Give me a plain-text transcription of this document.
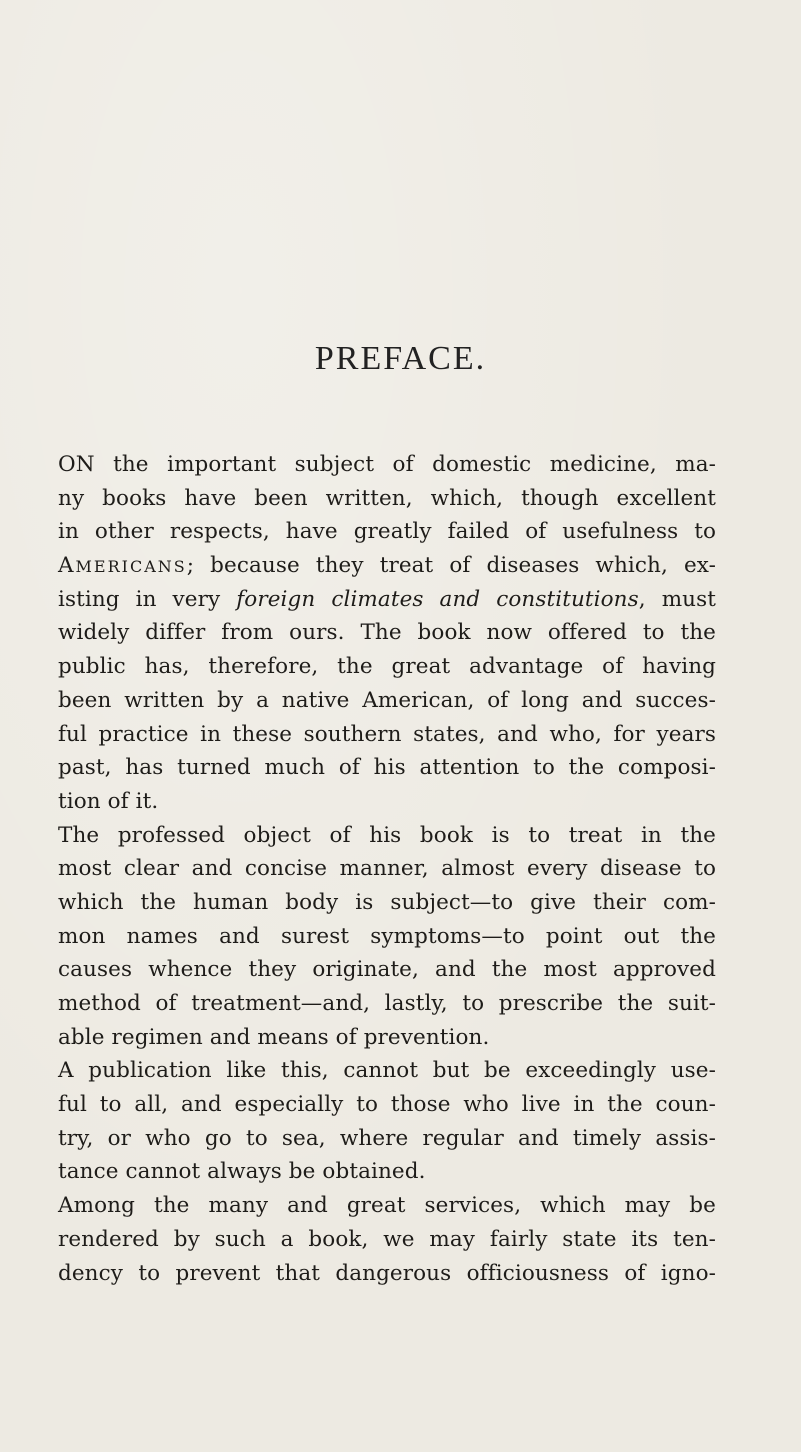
PREFACE.
ON the important subject of domestic medicine, ma-
ny books have been written, which, though excellent
in other respects, have greatly failed of usefulness to
AMERICANS; because they treat of diseases which, ex-
isting in very foreign climates and constitutions, must
widely differ from ours. The book now offered to the
public has, therefore, the great advantage of having
been written by a native American, of long and succes-
ful practice in these southern states, and who, for years
past, has turned much of his attention to the composi-
tion of it.
The professed object of his book is to treat in the
most clear and concise manner, almost every disease to
which the human body is subject—to give their com-
mon names and surest symptoms—to point out the
causes whence they originate, and the most approved
method of treatment—and, lastly, to prescribe the suit-
able regimen and means of prevention.
A publication like this, cannot but be exceedingly use-
ful to all, and especially to those who live in the coun-
try, or who go to sea, where regular and timely assis-
tance cannot always be obtained.
Among the many and great services, which may be
rendered by such a book, we may fairly state its ten-
dency to prevent that dangerous officiousness of igno-
